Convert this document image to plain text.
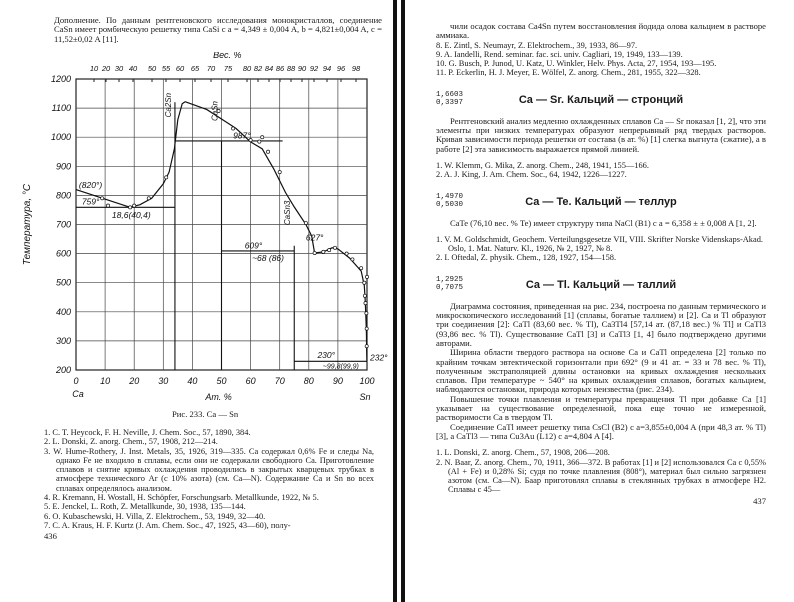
Дополнение. По данным рентгеновского исследования монокристаллов, соединение CaSn имеет ромбическую решетку типа CaSi с a = 4,349 ± 0,004 A, b = 4,821±0,004 A, c = 11,52±0,02 A [11].
10 20 30 40 50 55 60 65 70 75 80 82 84 86 88 90 92 94 96 98
Вес. %
1200
1100
1000
900
800
700
600
500
400
300
200
Температура, °С
0 10 20 30 40 50 60 70 80 90 100
Ca	Sn
Ат. %
Ca2Sn	CaSn
CaSn3
(820°)
759°
18,6(40,4)
987°
609°
~68 (86)
627°
230°
~99,8(99,9)
232°
Рис. 233. Ca — Sn
1. C. T. Heycock, F. H. Neville, J. Chem. Soc., 57, 1890, 384.
2. L. Donski, Z. anorg. Chem., 57, 1908, 212—214.
3. W. Hume-Rothery, J. Inst. Metals, 35, 1926, 319—335. Ca содержал 0,6% Fe и следы Na, однако Fe не входило в сплавы, если они не содержали свободного Ca. Приготовление сплавов и снятие кривых охлаждения проводились в закрытых кварцевых трубках в атмосфере технического Ar (с 10% азота) (см. Ca—N). Содержание Ca и Sn во всех сплавах определялось анализом.
4. R. Kremann, H. Wostall, H. Schöpfer, Forschungsarb. Metallkunde, 1922, № 5.
5. E. Jenckel, L. Roth, Z. Metallkunde, 30, 1938, 135—144.
6. O. Kubaschewski, H. Villa, Z. Elektrochem., 53, 1949, 32—40.
7. C. A. Kraus, H. F. Kurtz (J. Am. Chem. Soc., 47, 1925, 43—60), полу-
436
чили осадок состава Ca4Sn путем восстановления йодида олова кальцием в растворе аммиака.
8. E. Zintl, S. Neumayr, Z. Elektrochem., 39, 1933, 86—97.
9. A. Iandelli, Rend. seminar. fac. sci. univ. Cagliari, 19, 1949, 133—139.
10. G. Busch, P. Junod, U. Katz, U. Winkler, Helv. Phys. Acta, 27, 1954, 193—195.
11. P. Eckerlin, H. J. Meyer, E. Wölfel, Z. anorg. Chem., 281, 1955, 322—328.
1,6603
0,3397	Ca — Sr. Кальций — стронций
Рентгеновский анализ медленно охлажденных сплавов Ca — Sr показал [1, 2], что эти элементы при низких температурах образуют непрерывный ряд твердых растворов. Кривая зависимости периода решетки от состава (в ат. %) [1] слегка выгнута (сжатие), а в работе [2] эта зависимость выражается прямой линией.
1. W. Klemm, G. Mika, Z. anorg. Chem., 248, 1941, 155—166.
2. A. J. King, J. Am. Chem. Soc., 64, 1942, 1226—1227.
1,4970
0,5030	Ca — Te. Кальций — теллур
CaTe (76,10 вес. % Te) имеет структуру типа NaCl (B1) с a = 6,358 ± ± 0,008 A [1, 2].
1. V. M. Goldschmidt, Geochem. Verteilungsgesetze VII, VIII. Skrifter Norske Videnskaps-Akad. Oslo, 1. Mat. Naturv. Kl., 1926, № 2, 1927, № 8.
2. I. Oftedal, Z. physik. Chem., 128, 1927, 154—158.
1,2925
0,7075	Ca — Tl. Кальций — таллий
Диаграмма состояния, приведенная на рис. 234, построена по данным термического и микроскопического исследований [1] (сплавы, богатые таллием) и [2]. Ca и Tl образуют три соединения [2]: CaTl (83,60 вес. % Tl), Ca3Tl4 [57,14 ат. (87,18 вес.) % Tl] и CaTl3 (93,86 вес. % Tl). Существование CaTl [3] и CaTl3 [1, 4] было подтверждено другими авторами.
Ширина области твердого раствора на основе Ca и CaTl определена [2] только по крайним точкам эвтектической горизонтали при 692° (9 и 41 ат. = 33 и 78 вес. % Tl), полученным экстраполяцией длины остановки на кривых охлаждения нескольких сплавов. При температуре ~ 540° на кривых охлаждения сплавов, богатых кальцием, наблюдаются остановки, природа которых неизвестна (рис. 234).
Повышение точки плавления и температуры превращения Tl при добавке Ca [1] указывает на существование определенной, пока еще точно не измеренной, растворимости Ca в твердом Tl.
Соединение CaTl имеет решетку типа CsCl (B2) с a=3,855±0,004 A (при 48,3 ат. % Tl) [3], а CaTl3 — типа Cu3Au (L12) с a=4,804 A [4].
1. L. Donski, Z. anorg. Chem., 57, 1908, 206—208.
2. N. Baar, Z. anorg. Chem., 70, 1911, 366—372. В работах [1] и [2] использовался Ca с 0,55% (Al + Fe) и 0,28% Si; судя по точке плавления (808°), материал был сильно загрязнен азотом (см. Ca—N). Баар приготовлял сплавы в стеклянных трубках в атмосфере H2. Сплавы с 45—
437
